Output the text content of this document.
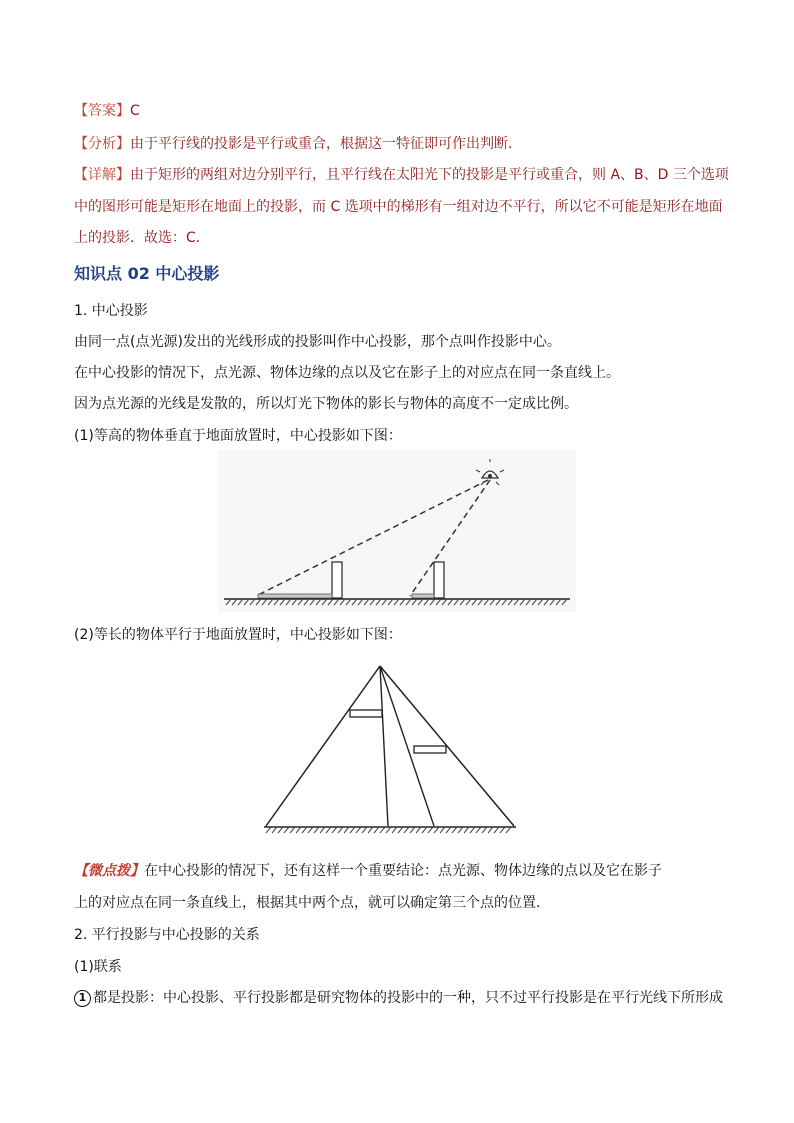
【答案】C
【分析】由于平行线的投影是平行或重合，根据这一特征即可作出判断．
【详解】由于矩形的两组对边分别平行，且平行线在太阳光下的投影是平行或重合，则 A、B、D 三个选项
中的图形可能是矩形在地面上的投影，而 C 选项中的梯形有一组对边不平行，所以它不可能是矩形在地面
上的投影．故选：C．
知识点 02 中心投影
1. 中心投影
由同一点(点光源)发出的光线形成的投影叫作中心投影，那个点叫作投影中心。
在中心投影的情况下，点光源、物体边缘的点以及它在影子上的对应点在同一条直线上。
因为点光源的光线是发散的，所以灯光下物体的影长与物体的高度不一定成比例。
(1)等高的物体垂直于地面放置时，中心投影如下图：
(2)等长的物体平行于地面放置时，中心投影如下图：
【微点拨】在中心投影的情况下，还有这样一个重要结论：点光源、物体边缘的点以及它在影子
上的对应点在同一条直线上，根据其中两个点，就可以确定第三个点的位置.
2. 平行投影与中心投影的关系
(1)联系
1 都是投影：中心投影、平行投影都是研究物体的投影中的一种，只不过平行投影是在平行光线下所形成
